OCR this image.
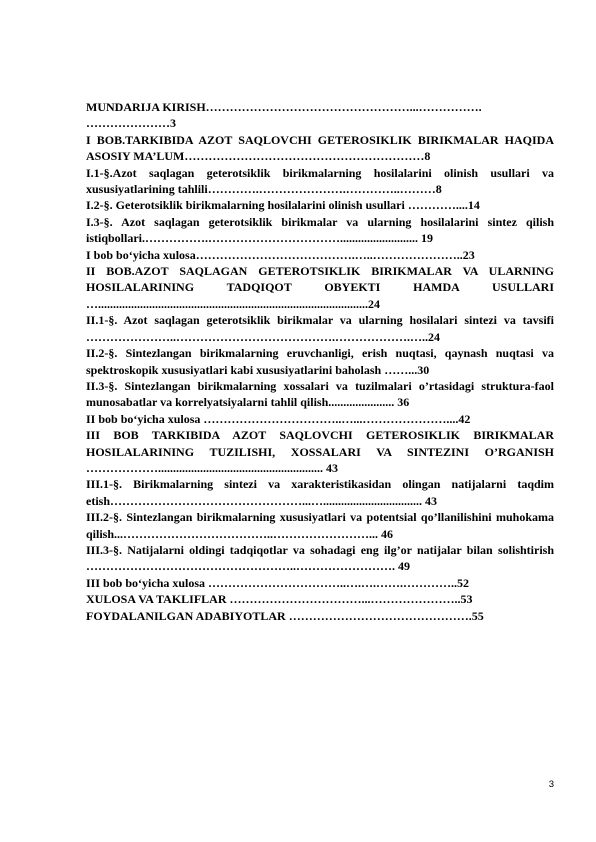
MUNDARIJA KIRISH……………………………………………...…………….
…………………3
I BOB.TARKIBIDA AZOT SAQLOVCHI GETEROSIKLIK BIRIKMALAR HAQIDA ASOSIY MA’LUM……………………………………………………8
I.1-§.Azot saqlagan geterotsiklik birikmalarning hosilalarini olinish usullari va xususiyatlarining tahlili………….………………….…………..………8
I.2-§. Geterotsiklik birikmalarning hosilalarini olinish usullari …………....14
I.3-§. Azot saqlagan geterotsiklik birikmalar va ularning hosilalarini sintez qilish istiqbollari.…………….…………………………….......................... 19
I bob bo‘yicha xulosa………………………………….…..…………………..23
II BOB.AZOT SAQLAGAN GETEROTSIKLIK BIRIKMALAR VA ULARNING HOSILALARINING TADQIQOT OBYEKTI HAMDA USULLARI …..........................................................................................24
II.1-§. Azot saqlagan geterotsiklik birikmalar va ularning hosilalari sintezi va tavsifi …………………..………………………………….……………….…..24
II.2-§. Sintezlangan birikmalarning eruvchanligi, erish nuqtasi, qaynash nuqtasi va spektroskopik xususiyatlari kabi xususiyatlarini baholash ……...30
II.3-§. Sintezlangan birikmalarning xossalari va tuzilmalari o’rtasidagi struktura-faol munosabatlar va korrelyatsiyalarni tahlil qilish...................... 36
II bob bo‘yicha xulosa ……………………………..…...…………………....42
III BOB TARKIBIDA AZOT SAQLOVCHI GETEROSIKLIK BIRIKMALAR HOSILALARINING TUZILISHI, XOSSALARI VA SINTEZINI O’RGANISH ………………....................................................... 43
III.1-§. Birikmalarning sintezi va xarakteristikasidan olingan natijalarni taqdim etish…………………………………………...…................................. 43
III.2-§. Sintezlangan birikmalarning xususiyatlari va potentsial qo’llanilishini muhokama qilish...………………………………..……………………... 46
III.3-§. Natijalarni oldingi tadqiqotlar va sohadagi eng ilg’or natijalar bilan solishtirish ……………………………………………..……………………. 49
III bob bo‘yicha xulosa ……………………………..….….…….…………..52
XULOSA VA TAKLIFLAR ……………………………...…………………..53
FOYDALANILGAN ADABIYOTLAR ……………………………………….55
3
